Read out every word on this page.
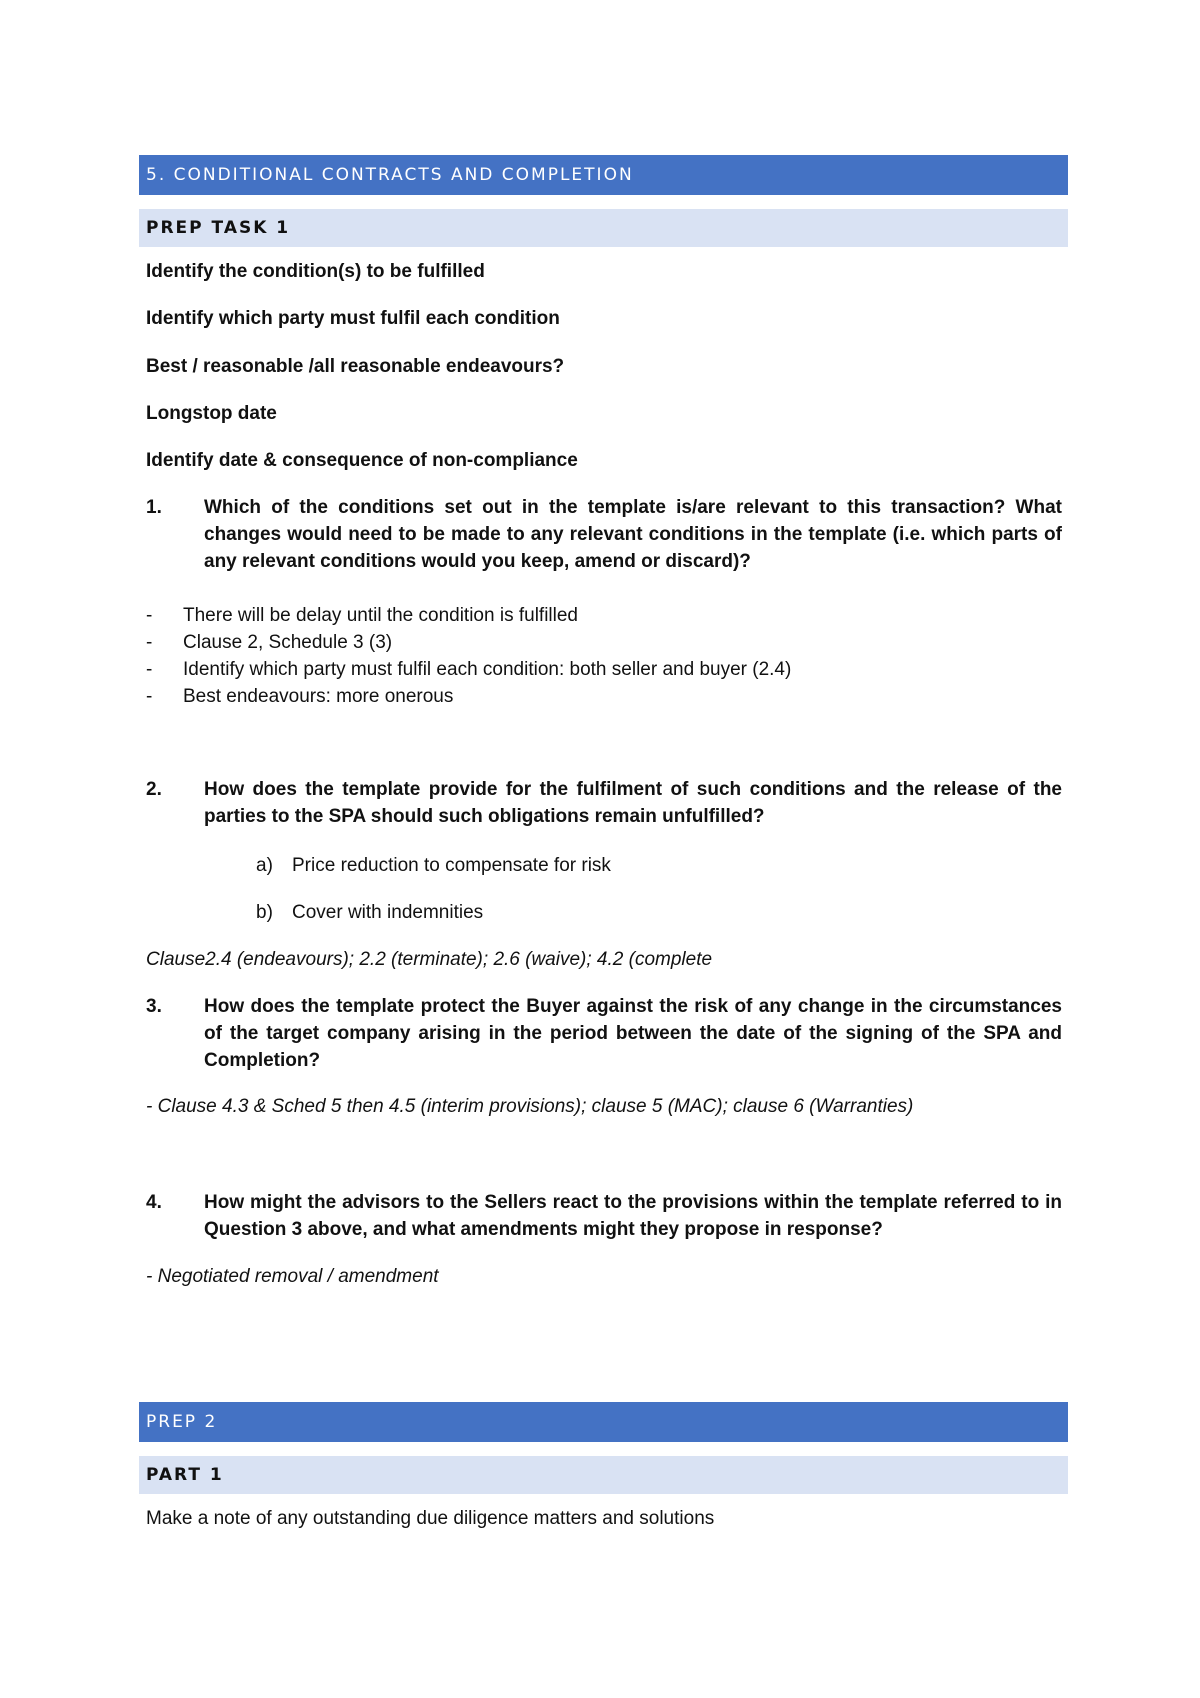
5. CONDITIONAL CONTRACTS AND COMPLETION
PREP TASK 1
Identify the condition(s) to be fulfilled
Identify which party must fulfil each condition
Best / reasonable /all reasonable endeavours?
Longstop date
Identify date & consequence of non-compliance
1. Which of the conditions set out in the template is/are relevant to this transaction? What changes would need to be made to any relevant conditions in the template (i.e. which parts of any relevant conditions would you keep, amend or discard)?
- There will be delay until the condition is fulfilled
- Clause 2, Schedule 3 (3)
- Identify which party must fulfil each condition: both seller and buyer (2.4)
- Best endeavours: more onerous
2. How does the template provide for the fulfilment of such conditions and the release of the parties to the SPA should such obligations remain unfulfilled?
a) Price reduction to compensate for risk
b) Cover with indemnities
Clause2.4 (endeavours); 2.2 (terminate); 2.6 (waive); 4.2 (complete
3. How does the template protect the Buyer against the risk of any change in the circumstances of the target company arising in the period between the date of the signing of the SPA and Completion?
- Clause 4.3 & Sched 5 then 4.5 (interim provisions); clause 5 (MAC); clause 6 (Warranties)
4. How might the advisors to the Sellers react to the provisions within the template referred to in Question 3 above, and what amendments might they propose in response?
- Negotiated removal / amendment
PREP 2
PART 1
Make a note of any outstanding due diligence matters and solutions
